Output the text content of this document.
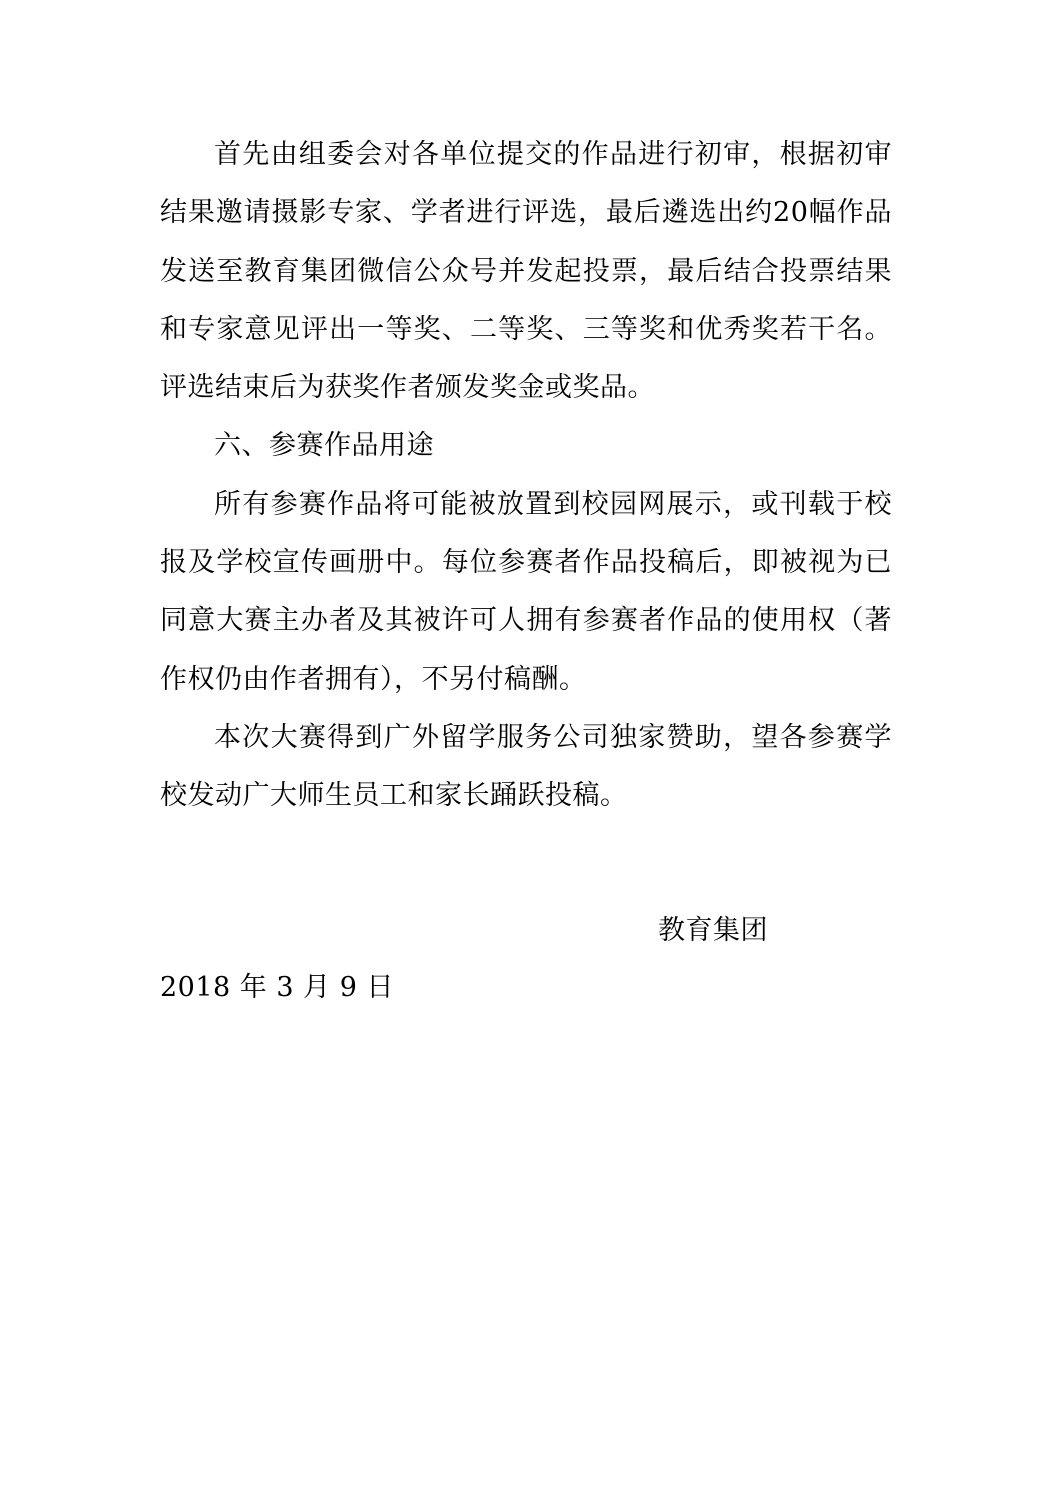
首先由组委会对各单位提交的作品进行初审，根据初审结果邀请摄影专家、学者进行评选，最后遴选出约20幅作品发送至教育集团微信公众号并发起投票，最后结合投票结果和专家意见评出一等奖、二等奖、三等奖和优秀奖若干名。评选结束后为获奖作者颁发奖金或奖品。

六、参赛作品用途

所有参赛作品将可能被放置到校园网展示，或刊载于校报及学校宣传画册中。每位参赛者作品投稿后，即被视为已同意大赛主办者及其被许可人拥有参赛者作品的使用权（著作权仍由作者拥有），不另付稿酬。

本次大赛得到广外留学服务公司独家赞助，望各参赛学校发动广大师生员工和家长踊跃投稿。

教育集团

2018 年 3 月 9 日
